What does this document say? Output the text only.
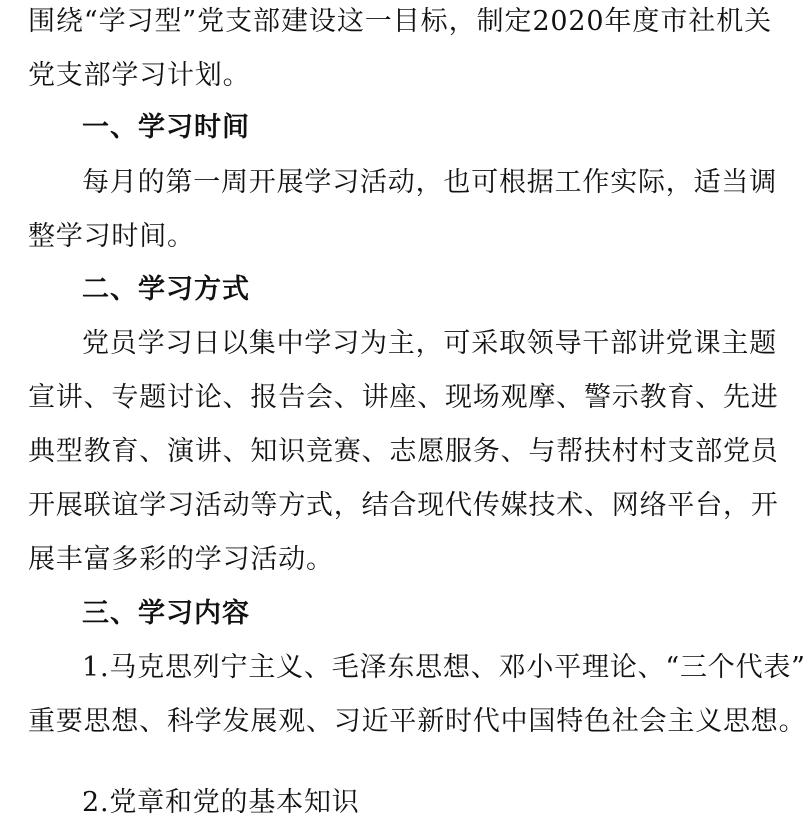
围绕“学习型”党支部建设这一目标，制定2020年度市社机关
党支部学习计划。
一、学习时间
每月的第一周开展学习活动，也可根据工作实际，适当调
整学习时间。
二、学习方式
党员学习日以集中学习为主，可采取领导干部讲党课主题
宣讲、专题讨论、报告会、讲座、现场观摩、警示教育、先进
典型教育、演讲、知识竞赛、志愿服务、与帮扶村村支部党员
开展联谊学习活动等方式，结合现代传媒技术、网络平台，开
展丰富多彩的学习活动。
三、学习内容
1.马克思列宁主义、毛泽东思想、邓小平理论、“三个代表”
重要思想、科学发展观、习近平新时代中国特色社会主义思想。
2.党章和党的基本知识
